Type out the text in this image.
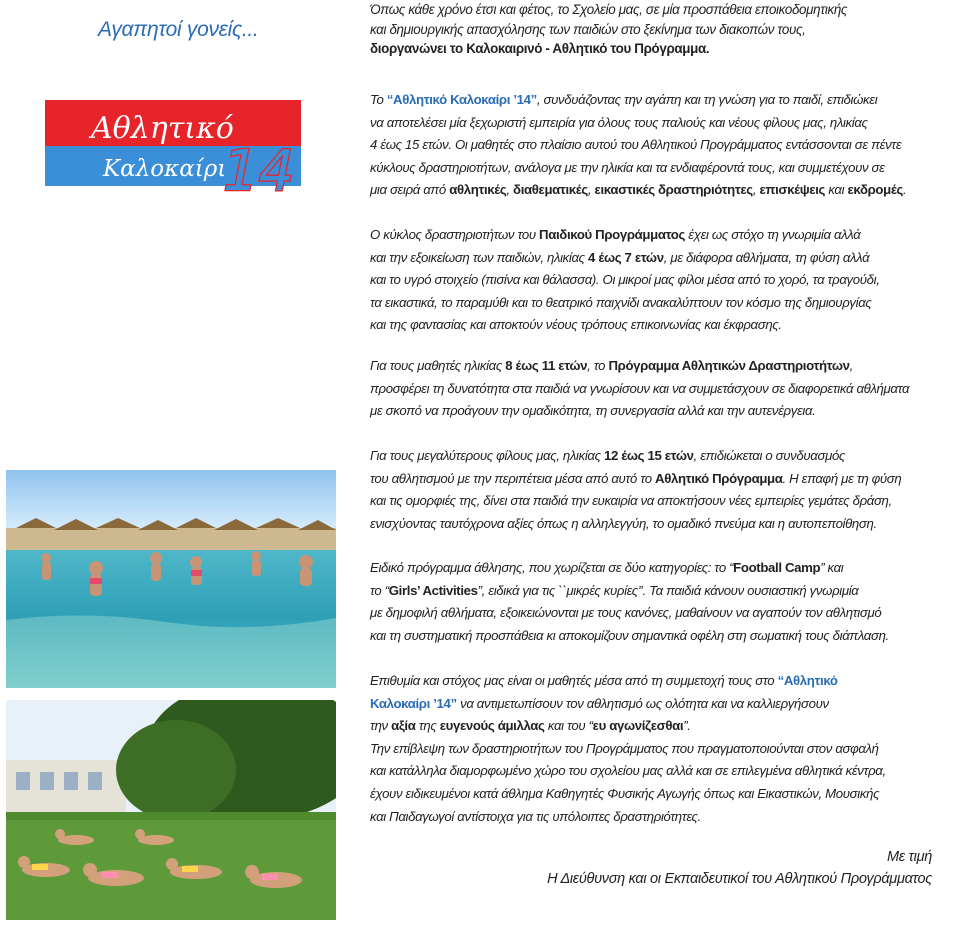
Αγαπητοί γονείς...
Αθλητικό
Καλοκαίρι
14

Όπως κάθε χρόνο έτσι και φέτος, το Σχολείο μας, σε μία προσπάθεια εποικοδομητικής

και δημιουργικής απασχόλησης των παιδιών στο ξεκίνημα των διακοπών τους,

διοργανώνει το Καλοκαιρινό - Αθλητικό του Πρόγραμμα.

Το “Αθλητικό Καλοκαίρι ’14”, συνδυάζοντας την αγάπη και τη γνώση για το παιδί, επιδιώκει

να αποτελέσει μία ξεχωριστή εμπειρία για όλους τους παλιούς και νέους φίλους μας, ηλικίας

4 έως 15 ετών. Οι μαθητές στο πλαίσιο αυτού του Αθλητικού Προγράμματος εντάσσονται σε πέντε

κύκλους δραστηριοτήτων, ανάλογα με την ηλικία και τα ενδιαφέροντά τους, και συμμετέχουν σε

μια σειρά από αθλητικές, διαθεματικές, εικαστικές δραστηριότητες, επισκέψεις και εκδρομές.

Ο κύκλος δραστηριοτήτων του Παιδικού Προγράμματος έχει ως στόχο τη γνωριμία αλλά

και την εξοικείωση των παιδιών, ηλικίας 4 έως 7 ετών, με διάφορα αθλήματα, τη φύση αλλά

και το υγρό στοιχείο (πισίνα και θάλασσα). Οι μικροί μας φίλοι μέσα από το χορό, τα τραγούδι,

τα εικαστικά, το παραμύθι και το θεατρικό παιχνίδι ανακαλύπτουν τον κόσμο της δημιουργίας

και της φαντασίας και αποκτούν νέους τρόπους επικοινωνίας και έκφρασης.

Για τους μαθητές ηλικίας 8 έως 11 ετών, το Πρόγραμμα Αθλητικών Δραστηριοτήτων,

προσφέρει τη δυνατότητα στα παιδιά να γνωρίσουν και να συμμετάσχουν σε διαφορετικά αθλήματα

με σκοπό να προάγουν την ομαδικότητα, τη συνεργασία αλλά και την αυτενέργεια.

Για τους μεγαλύτερους φίλους μας, ηλικίας 12 έως 15 ετών, επιδιώκεται ο συνδυασμός

του αθλητισμού με την περιπέτεια μέσα από αυτό το Αθλητικό Πρόγραμμα. Η επαφή με τη φύση

και τις ομορφιές της, δίνει στα παιδιά την ευκαιρία να αποκτήσουν νέες εμπειρίες γεμάτες δράση,

ενισχύοντας ταυτόχρονα αξίες όπως η αλληλεγγύη, το ομαδικό πνεύμα και η αυτοπεποίθηση.

Ειδικό πρόγραμμα άθλησης, που χωρίζεται σε δύο κατηγορίες: το “Football Camp” και

το “Girls’ Activities”, ειδικά για τις ``μικρές κυρίες’’. Τα παιδιά κάνουν ουσιαστική γνωριμία

με δημοφιλή αθλήματα, εξοικειώνονται με τους κανόνες, μαθαίνουν να αγαπούν τον αθλητισμό

και τη συστηματική προσπάθεια κι αποκομίζουν σημαντικά οφέλη στη σωματική τους διάπλαση.

Επιθυμία και στόχος μας είναι οι μαθητές μέσα από τη συμμετοχή τους στο “Αθλητικό

Καλοκαίρι ’14” να αντιμετωπίσουν τον αθλητισμό ως ολότητα και να καλλιεργήσουν

την αξία της ευγενούς άμιλλας και του “ευ αγωνίζεσθαι”.

Την επίβλεψη των δραστηριοτήτων του Προγράμματος που πραγματοποιούνται στον ασφαλή

και κατάλληλα διαμορφωμένο χώρο του σχολείου μας αλλά και σε επιλεγμένα αθλητικά κέντρα,

έχουν ειδικευμένοι κατά άθλημα Καθηγητές Φυσικής Αγωγής όπως και Εικαστικών, Μουσικής

και Παιδαγωγοί αντίστοιχα για τις υπόλοιπες δραστηριότητες.

Με τιμή

Η Διεύθυνση και οι Εκπαιδευτικοί του Αθλητικού Προγράμματος
